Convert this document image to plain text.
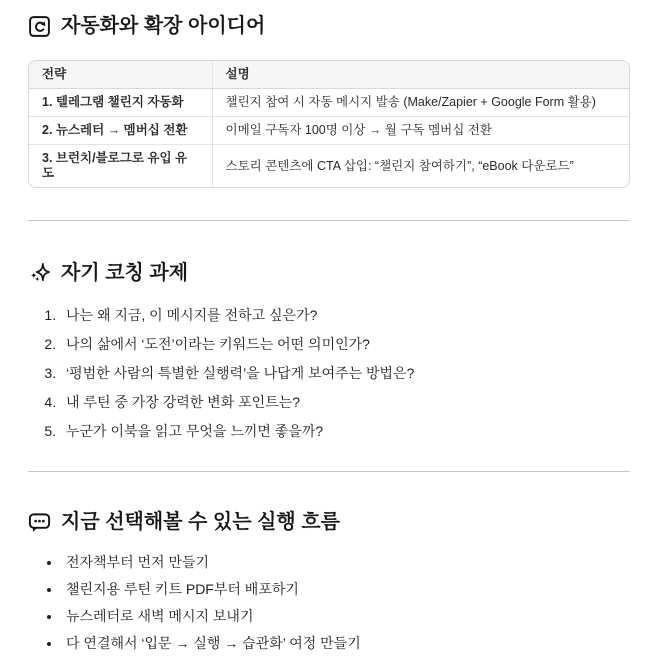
자동화와 확장 아이디어
전략	설명
1. 텔레그램 챌린지 자동화	챌린지 참여 시 자동 메시지 발송 (Make/Zapier + Google Form 활용)
2. 뉴스레터 → 멤버십 전환	이메일 구독자 100명 이상 → 월 구독 멤버십 전환
3. 브런치/블로그로 유입 유도	스토리 콘텐츠에 CTA 삽입: “챌린지 참여하기”, “eBook 다운로드”
자기 코칭 과제
1. 나는 왜 지금, 이 메시지를 전하고 싶은가?
2. 나의 삶에서 ‘도전’이라는 키워드는 어떤 의미인가?
3. ‘평범한 사람의 특별한 실행력’을 나답게 보여주는 방법은?
4. 내 루틴 중 가장 강력한 변화 포인트는?
5. 누군가 이북을 읽고 무엇을 느끼면 좋을까?
지금 선택해볼 수 있는 실행 흐름
• 전자책부터 먼저 만들기
• 챌린지용 루틴 키트 PDF부터 배포하기
• 뉴스레터로 새벽 메시지 보내기
• 다 연결해서 ‘입문 → 실행 → 습관화’ 여정 만들기
